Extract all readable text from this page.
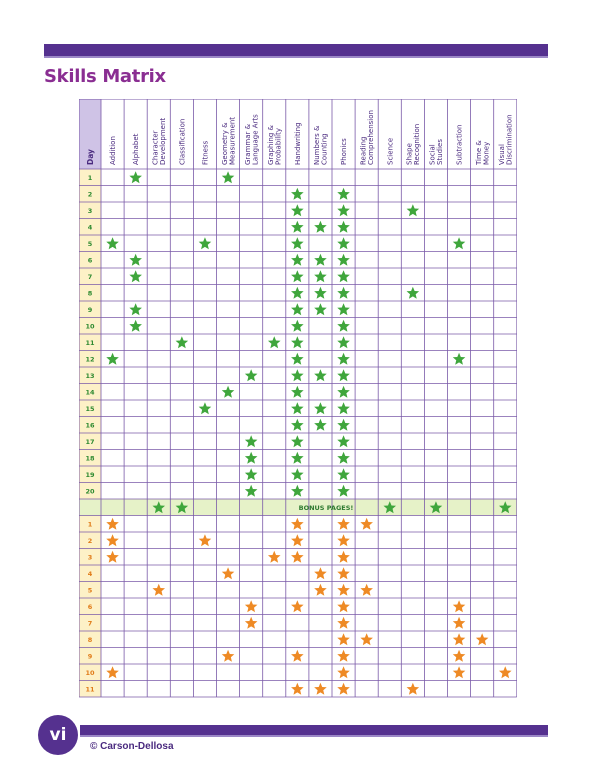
Skills Matrix
Day Addition Alphabet CharacterDevelopment Classification Fitness Geometry &Measurement Grammar &Language Arts Graphing &Probability Handwriting Numbers &Counting Phonics ReadingComprehension Science ShapeRecognition SocialStudies Subtraction Time &Money VisualDiscrimination
1
2
3
4
5
6
7
8
9
10
11
12
13
14
15
16
17
18
19
20
BONUS PAGES!
1
2
3
4
5
6
7
8
9
10
11
vi
© Carson-Dellosa
